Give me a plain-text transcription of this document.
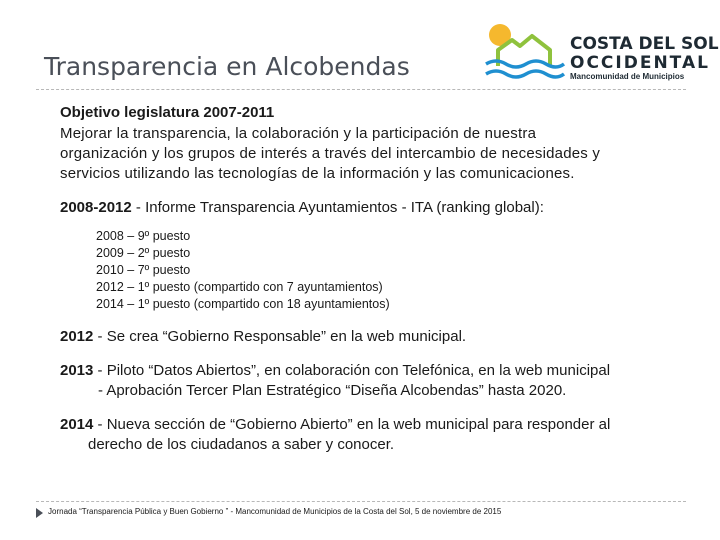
Transparencia en Alcobendas
COSTA DEL SOL
OCCIDENTAL
Mancomunidad de Municipios

Objetivo legislatura 2007-2011

Mejorar la transparencia, la colaboración y la participación de nuestra
organización y los grupos de interés a través del intercambio de necesidades y
servicios utilizando las tecnologías de la información y las comunicaciones.

2008-2012 - Informe Transparencia Ayuntamientos - ITA (ranking global):

2008 – 9º puesto
2009 – 2º puesto
2010 – 7º puesto
2012 – 1º puesto (compartido con 7 ayuntamientos)
2014 – 1º puesto (compartido con 18 ayuntamientos)

2012 - Se crea “Gobierno Responsable” en la web municipal.

2013 - Piloto “Datos Abiertos”, en colaboración con Telefónica, en la web municipal

- Aprobación Tercer Plan Estratégico “Diseña Alcobendas” hasta 2020.

2014 - Nueva sección de “Gobierno Abierto” en la web municipal para responder al

derecho de los ciudadanos a saber y conocer.

Jornada “Transparencia Pública y Buen Gobierno ” - Mancomunidad de Municipios de la Costa del Sol, 5 de noviembre de 2015
